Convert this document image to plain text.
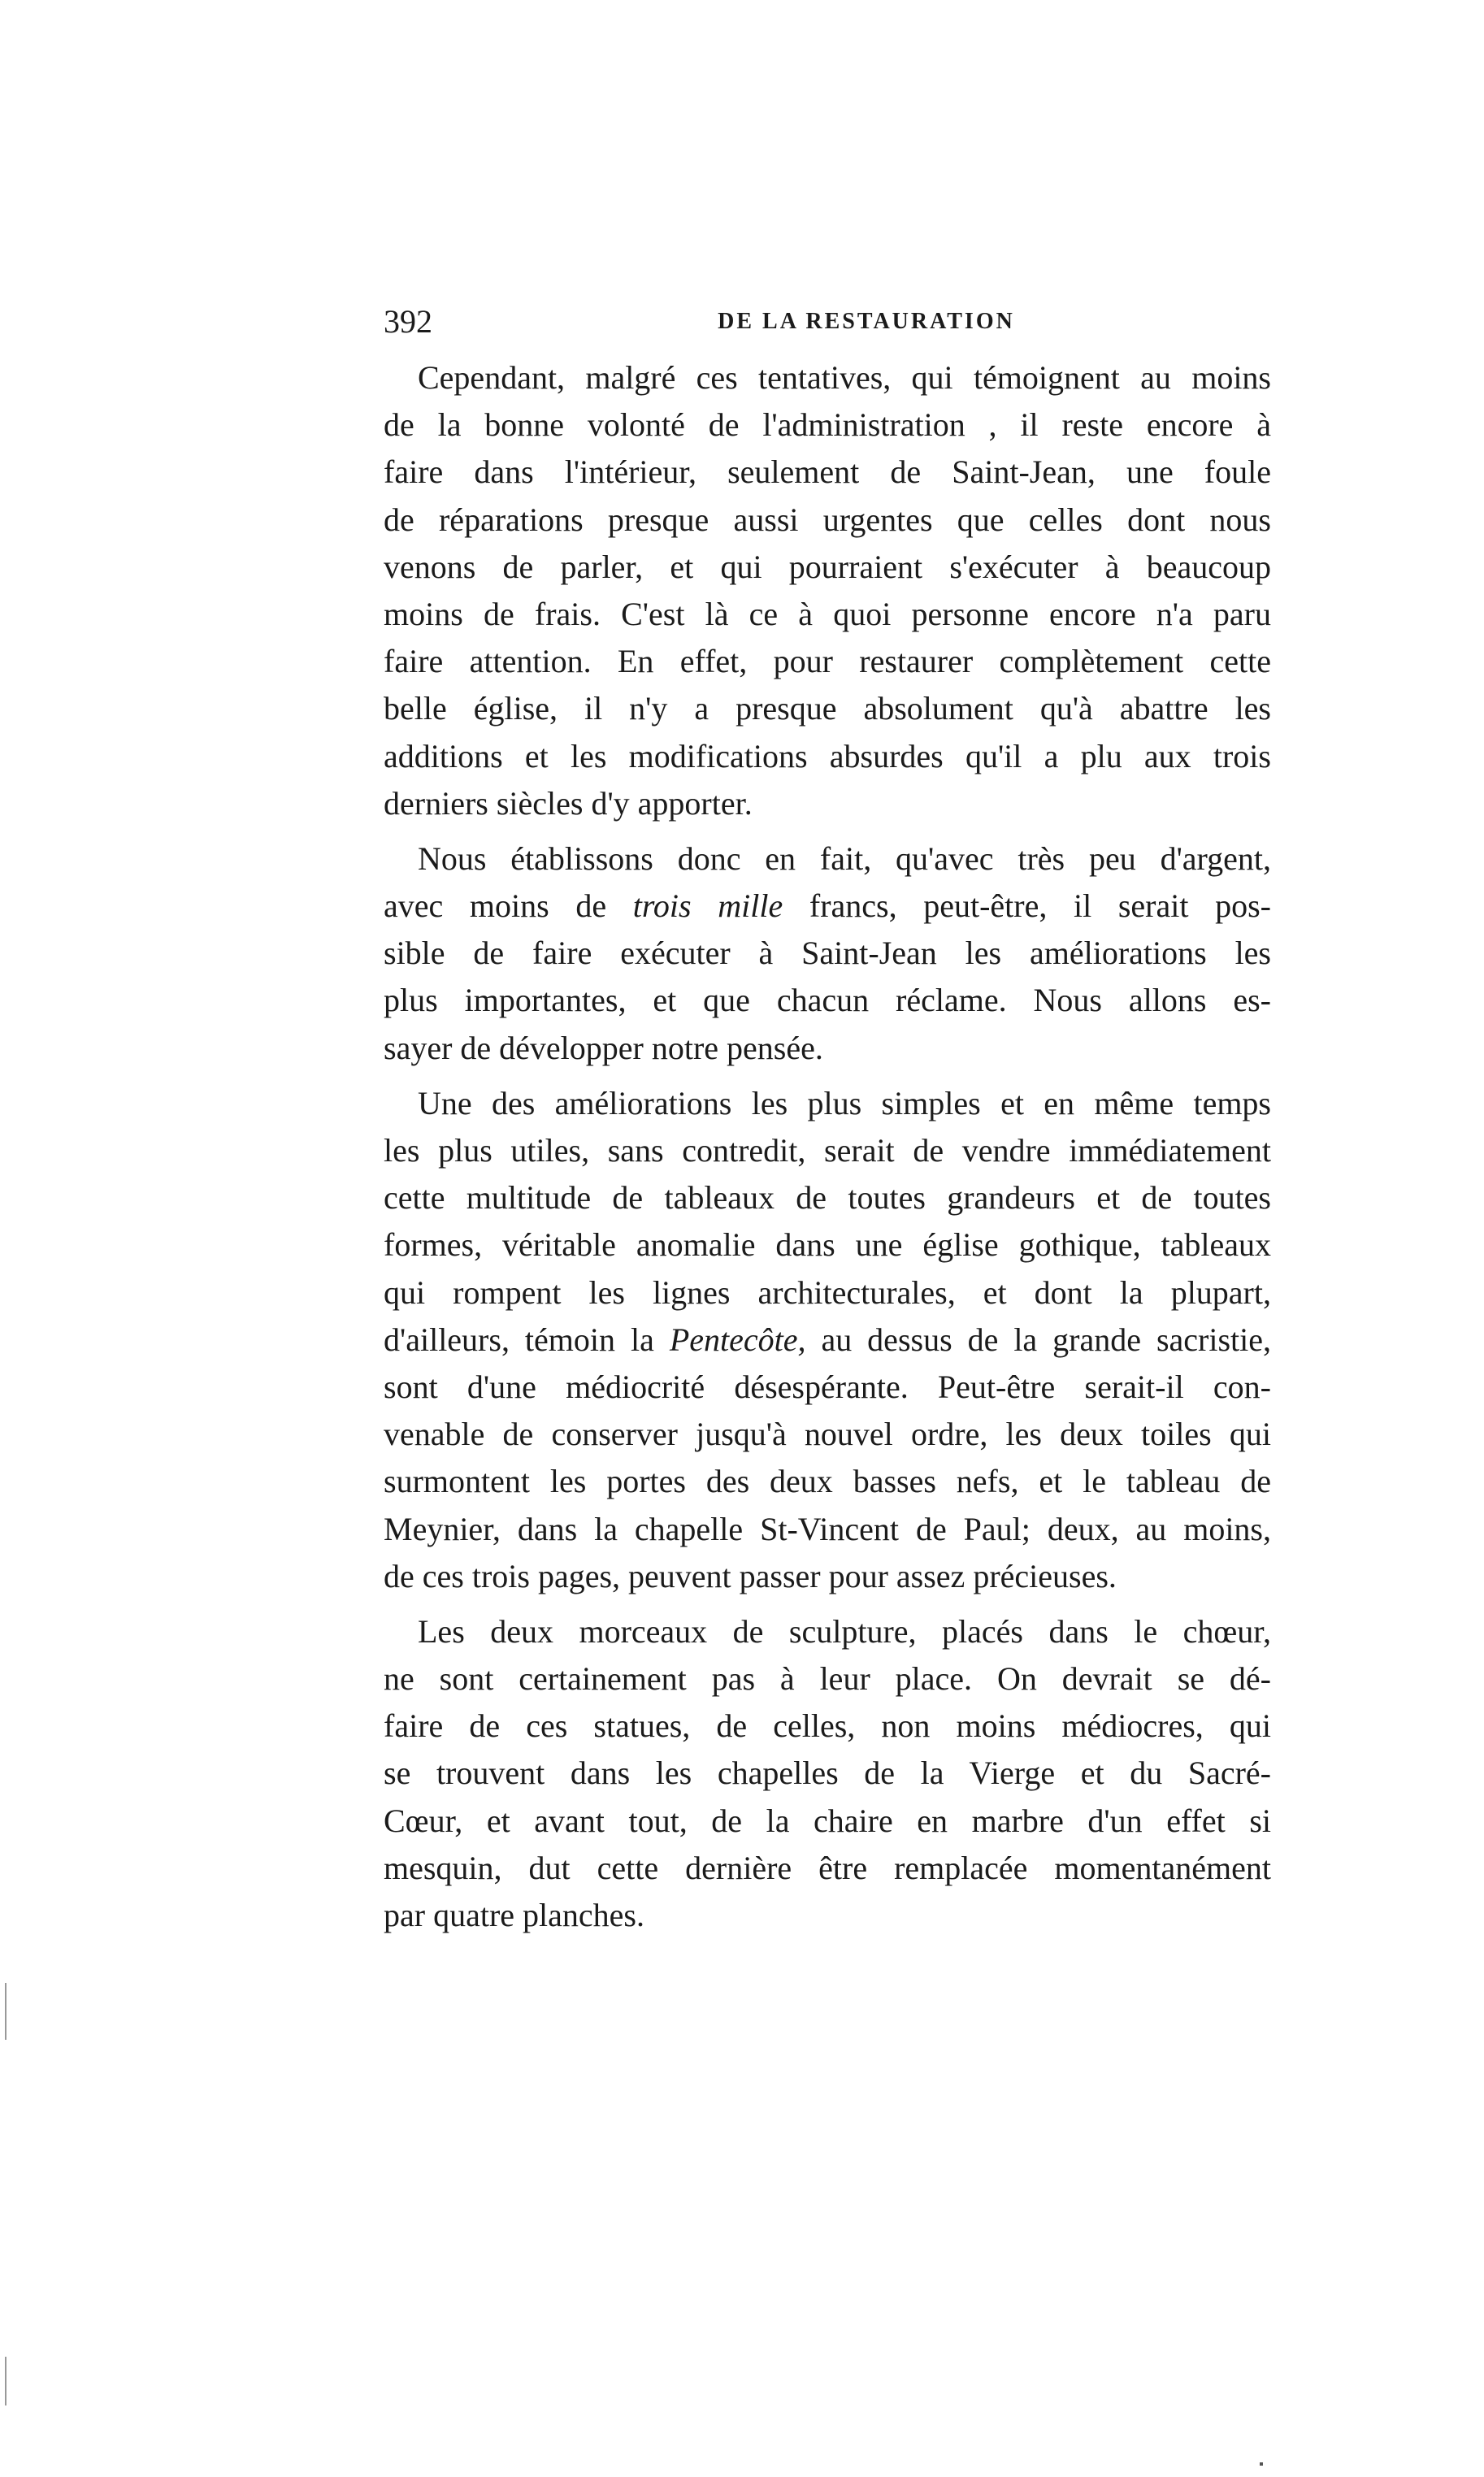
392	DE LA RESTAURATION
Cependant, malgré ces tentatives, qui témoignent au moins
de la bonne volonté de l'administration , il reste encore à
faire dans l'intérieur, seulement de Saint-Jean, une foule
de réparations presque aussi urgentes que celles dont nous
venons de parler, et qui pourraient s'exécuter à beaucoup
moins de frais. C'est là ce à quoi personne encore n'a paru
faire attention. En effet, pour restaurer complètement cette
belle église, il n'y a presque absolument qu'à abattre les
additions et les modifications absurdes qu'il a plu aux trois
derniers siècles d'y apporter.
Nous établissons donc en fait, qu'avec très peu d'argent,
avec moins de trois mille francs, peut-être, il serait pos-
sible de faire exécuter à Saint-Jean les améliorations les
plus importantes, et que chacun réclame. Nous allons es-
sayer de développer notre pensée.
Une des améliorations les plus simples et en même temps
les plus utiles, sans contredit, serait de vendre immédiatement
cette multitude de tableaux de toutes grandeurs et de toutes
formes, véritable anomalie dans une église gothique, tableaux
qui rompent les lignes architecturales, et dont la plupart,
d'ailleurs, témoin la Pentecôte, au dessus de la grande sacristie,
sont d'une médiocrité désespérante. Peut-être serait-il con-
venable de conserver jusqu'à nouvel ordre, les deux toiles qui
surmontent les portes des deux basses nefs, et le tableau de
Meynier, dans la chapelle St-Vincent de Paul; deux, au moins,
de ces trois pages, peuvent passer pour assez précieuses.
Les deux morceaux de sculpture, placés dans le chœur,
ne sont certainement pas à leur place. On devrait se dé-
faire de ces statues, de celles, non moins médiocres, qui
se trouvent dans les chapelles de la Vierge et du Sacré-
Cœur, et avant tout, de la chaire en marbre d'un effet si
mesquin, dut cette dernière être remplacée momentanément
par quatre planches.
